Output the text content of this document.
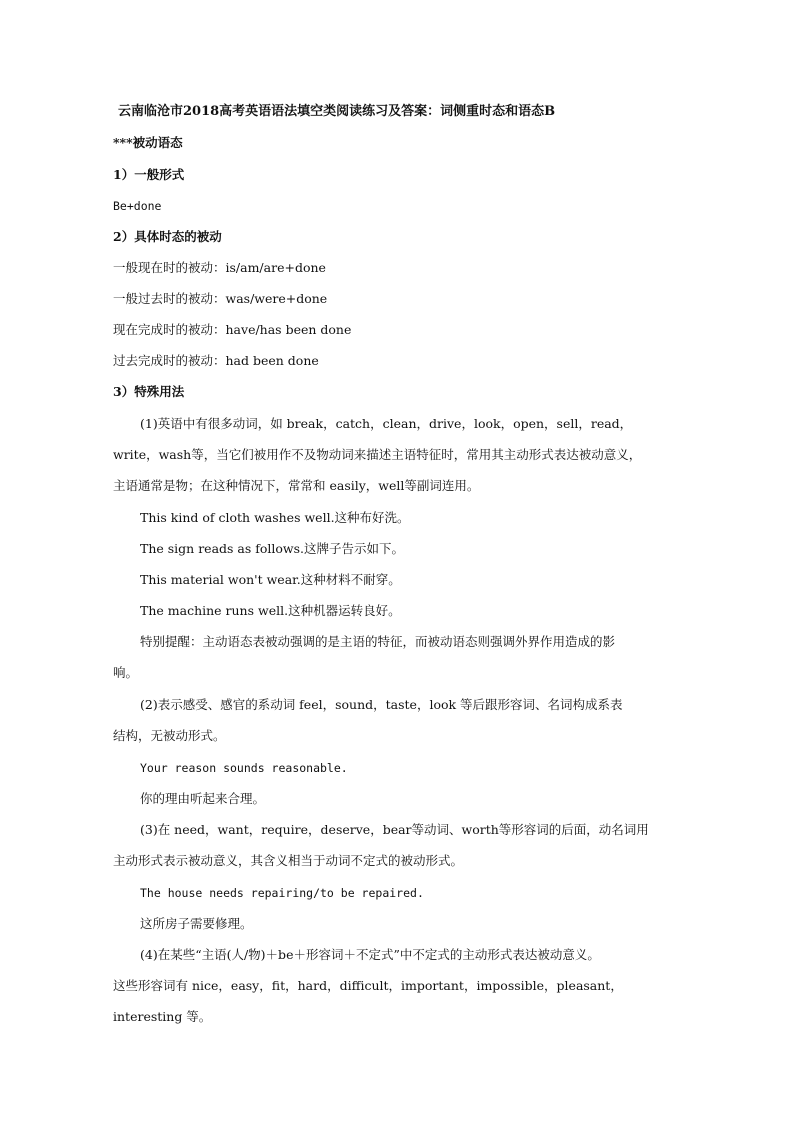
云南临沧市2018高考英语语法填空类阅读练习及答案：词侧重时态和语态B
***被动语态
1）一般形式
Be+done
2）具体时态的被动
一般现在时的被动：is/am/are+done
一般过去时的被动：was/were+done
现在完成时的被动：have/has been done
过去完成时的被动：had been done
3）特殊用法
(1)英语中有很多动词，如 break，catch，clean，drive，look，open，sell，read，
write，wash等，当它们被用作不及物动词来描述主语特征时，常用其主动形式表达被动意义，
主语通常是物；在这种情况下，常常和 easily，well等副词连用。
This kind of cloth washes well.这种布好洗。
The sign reads as follows.这牌子告示如下。
This material won't wear.这种材料不耐穿。
The machine runs well.这种机器运转良好。
特别提醒：主动语态表被动强调的是主语的特征，而被动语态则强调外界作用造成的影
响。
(2)表示感受、感官的系动词 feel，sound，taste，look 等后跟形容词、名词构成系表
结构，无被动形式。
Your reason sounds reasonable.
你的理由听起来合理。
(3)在 need，want，require，deserve，bear等动词、worth等形容词的后面，动名词用
主动形式表示被动意义，其含义相当于动词不定式的被动形式。
The house needs repairing/to be repaired.
这所房子需要修理。
(4)在某些“主语(人/物)＋be＋形容词＋不定式”中不定式的主动形式表达被动意义。
这些形容词有 nice，easy，fit，hard，difficult，important，impossible，pleasant，
interesting 等。
